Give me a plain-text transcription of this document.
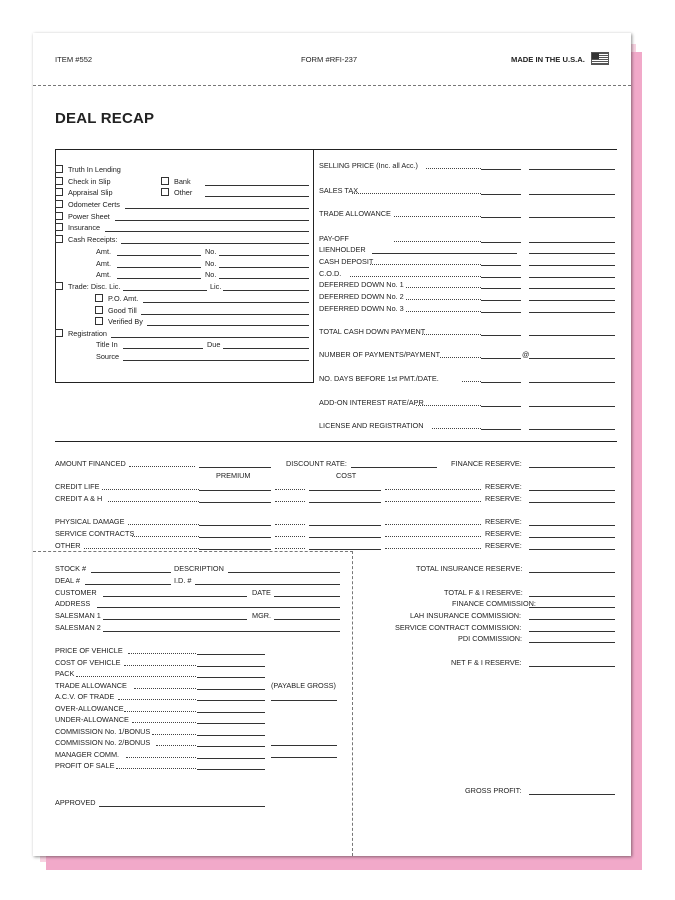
ITEM #552	FORM #RFI-237	MADE IN THE U.S.A.
DEAL RECAP
Truth In Lending
Check in Slip
Appraisal Slip
Odometer Certs
Power Sheet
Insurance
Cash Receipts:
Bank
Other
Amt.	No.
Amt.	No.
Amt.	No.
Trade: Disc. Lic.	Lic.
P.O. Amt.
Good Till
Verified By
Registration
Title In	Due
Source
SELLING PRICE (Inc. all Acc.)
SALES TAX
TRADE ALLOWANCE
PAY-OFF
LIENHOLDER
CASH DEPOSIT
C.O.D.
DEFERRED DOWN No. 1
DEFERRED DOWN No. 2
DEFERRED DOWN No. 3
TOTAL CASH DOWN PAYMENT
NUMBER OF PAYMENTS/PAYMENT	@
NO. DAYS BEFORE 1st PMT./DATE.
ADD-ON INTEREST RATE/APR
LICENSE AND REGISTRATION
AMOUNT FINANCED	DISCOUNT RATE:	FINANCE RESERVE:
PREMIUM	COST
CREDIT LIFE	RESERVE:
CREDIT A & H	RESERVE:
PHYSICAL DAMAGE	RESERVE:
SERVICE CONTRACTS	RESERVE:
OTHER	RESERVE:
STOCK #	DESCRIPTION
DEAL #	I.D. #
CUSTOMER	DATE
ADDRESS
SALESMAN 1	MGR.
SALESMAN 2
PRICE OF VEHICLE
COST OF VEHICLE
PACK
TRADE ALLOWANCE
A.C.V. OF TRADE
OVER-ALLOWANCE
UNDER-ALLOWANCE
COMMISSION No. 1/BONUS
COMMISSION No. 2/BONUS
MANAGER COMM.
PROFIT OF SALE
(PAYABLE GROSS)
APPROVED
TOTAL INSURANCE RESERVE:
TOTAL F & I RESERVE:
FINANCE COMMISSION:
LAH INSURANCE COMMISSION:
SERVICE CONTRACT COMMISSION:
PDI COMMISSION:
NET F & I RESERVE:
GROSS PROFIT:
